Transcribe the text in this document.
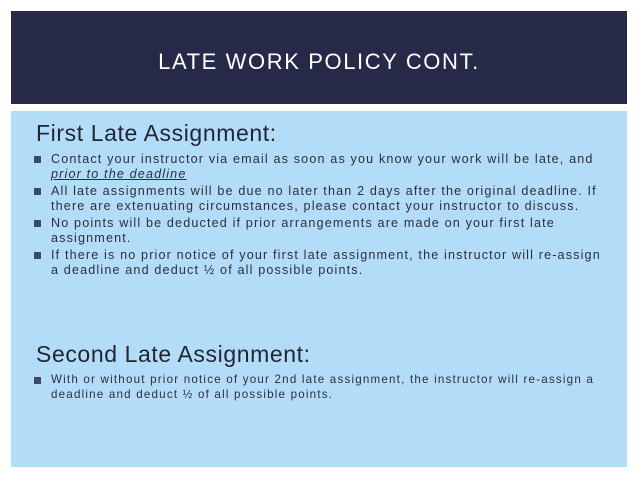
LATE WORK POLICY CONT.
First Late Assignment:
Contact your instructor via email as soon as you know your work will be late, and prior to the deadline
All late assignments will be due no later than 2 days after the original deadline. If there are extenuating circumstances, please contact your instructor to discuss.
No points will be deducted if prior arrangements are made on your first late assignment.
If there is no prior notice of your first late assignment, the instructor will re-assign a deadline and deduct ½ of all possible points.
Second Late Assignment:
With or without prior notice of your 2nd late assignment, the instructor will re-assign a deadline and deduct ½ of all possible points.
